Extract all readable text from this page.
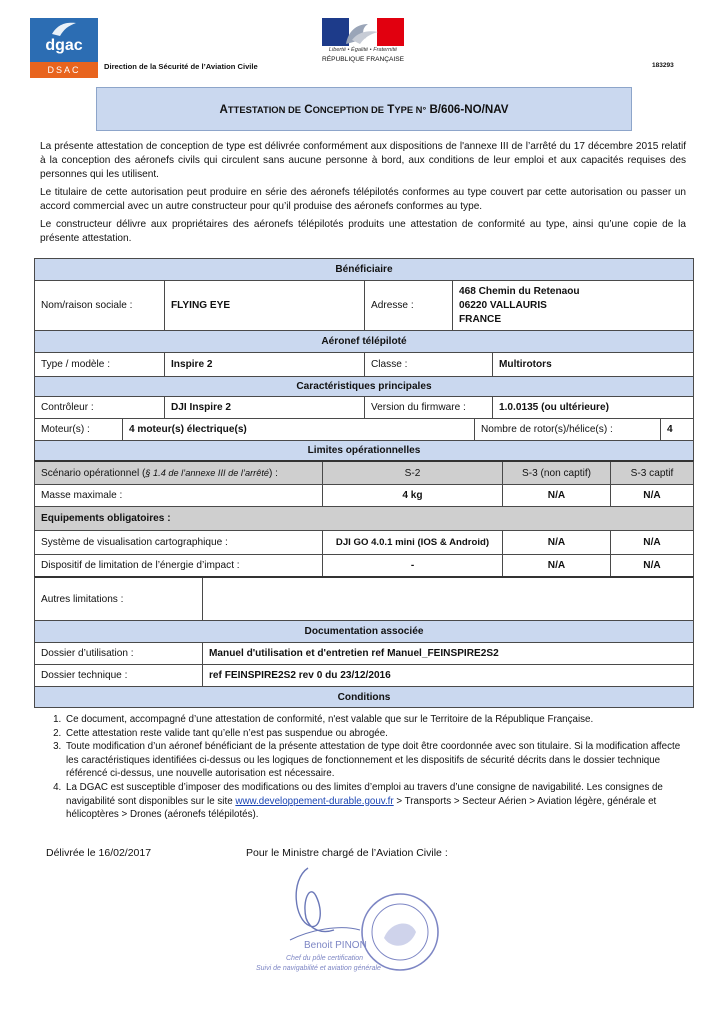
dgac
DSAC	Direction de la Sécurité de l’Aviation Civile
Liberté • Égalité • Fraternité
RÉPUBLIQUE FRANÇAISE
183293
ATTESTATION DE CONCEPTION DE TYPE N° B/606-NO/NAV

La présente attestation de conception de type est délivrée conformément aux dispositions de l'annexe III de l’arrêté du 17 décembre 2015 relatif à la conception des aéronefs civils qui circulent sans aucune personne à bord, aux conditions de leur emploi et aux capacités requises des personnes qui les utilisent.

Le titulaire de cette autorisation peut produire en série des aéronefs télépilotés conformes au type couvert par cette autorisation ou passer un accord commercial avec un autre constructeur pour qu’il produise des aéronefs conformes au type.

Le constructeur délivre aux propriétaires des aéronefs télépilotés produits une attestation de conformité au type, ainsi qu’une copie de la présente attestation.

Bénéficiaire
Nom/raison sociale :	FLYING EYE	Adresse :
468 Chemin du Retenaou
06220 VALLAURIS
FRANCE
Aéronef télépiloté
Type / modèle :	Inspire 2	Classe :	Multirotors
Caractéristiques principales
Contrôleur :	DJI Inspire 2	Version du firmware :	1.0.0135 (ou ultérieure)
Moteur(s) :	4 moteur(s) électrique(s)	Nombre de rotor(s)/hélice(s) :	4
Limites opérationnelles
Scénario opérationnel ( § 1.4 de l’annexe III de l’arrêté ) :	S-2	S-3 (non captif)	S-3 captif
Masse maximale :	4 kg	N/A	N/A
Equipements obligatoires :
Système de visualisation cartographique :	DJI GO 4.0.1 mini (IOS & Android)	N/A	N/A
Dispositif de limitation de l’énergie d’impact :	-	N/A	N/A
Autres limitations :
Documentation associée
Dossier d’utilisation :	Manuel d'utilisation et d'entretien ref Manuel_FEINSPIRE2S2
Dossier technique :	ref FEINSPIRE2S2 rev 0 du 23/12/2016
Conditions
1. Ce document, accompagné d’une attestation de conformité, n'est valable que sur le Territoire de la République Française.
2. Cette attestation reste valide tant qu’elle n’est pas suspendue ou abrogée.
3. Toute modification d’un aéronef bénéficiant de la présente attestation de type doit être coordonnée avec son titulaire. Si la modification affecte les caractéristiques identifiées ci-dessus ou les logiques de fonctionnement et les dispositifs de sécurité décrits dans le dossier technique référencé ci-dessus, une nouvelle autorisation est nécessaire.
4. La DGAC est susceptible d’imposer des modifications ou des limites d’emploi au travers d’une consigne de navigabilité. Les consignes de navigabilité sont disponibles sur le site www.developpement-durable.gouv.fr > Transports > Secteur Aérien > Aviation légère, générale et hélicoptères > Drones (aéronefs télépilotés).
Délivrée le 16/02/2017	Pour le Ministre chargé de l’Aviation Civile :
Benoit PINON
Chef du pôle certification
Suivi de navigabilité et aviation générale
